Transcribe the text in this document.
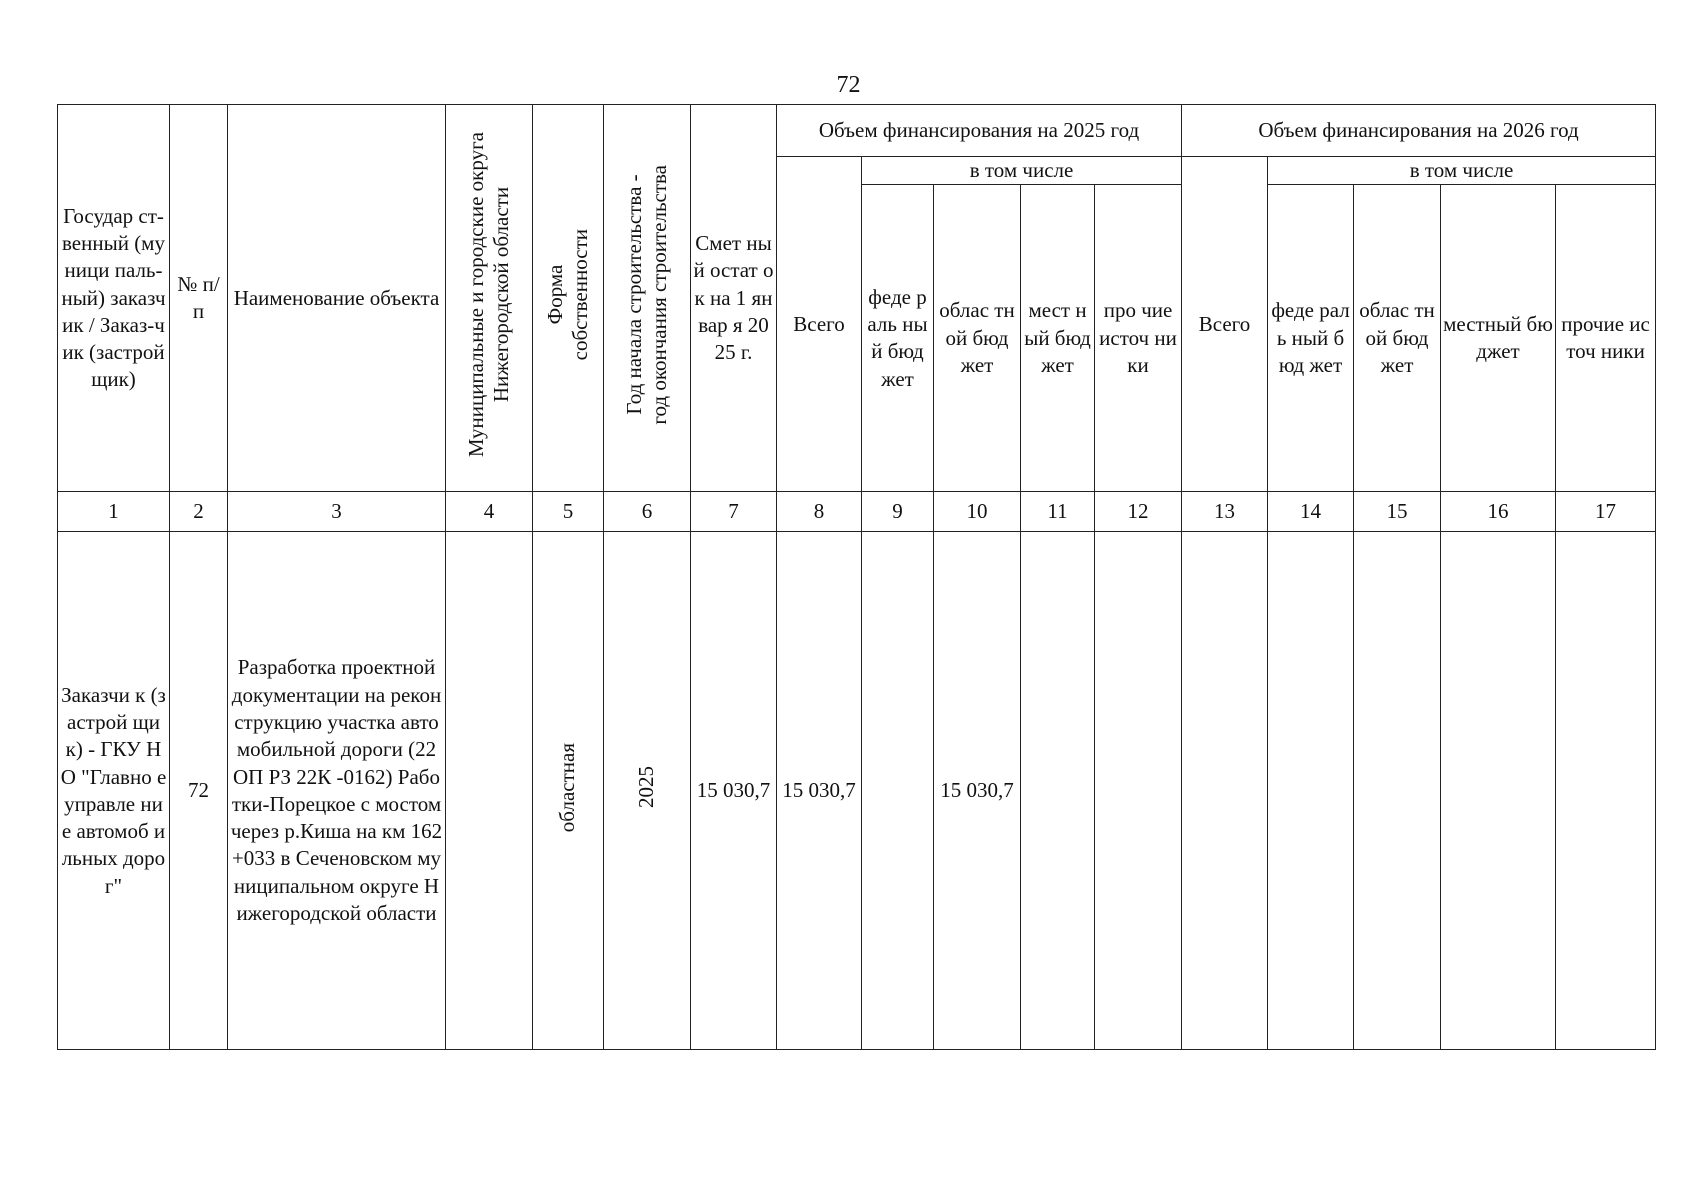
72
Государ ст-венный (муници паль-ный) заказчик / Заказ-чик (застрой щик)	№ п/п	Наименование объекта	Муниципальные и городские округа Нижегородской области	Форма собственности	Год начала строительства - год окончания строительства	Смет ный остат ок на 1 январ я 2025 г.	Объем финансирования на 2025 год					Объем финансирования на 2026 год				
							Всего	в том числе				Всего	в том числе			
								феде раль ный бюд жет	облас тной бюд жет	мест ный бюд жет	про чие источ ники		феде раль ный бюд жет	облас тной бюд жет	местный бюджет	прочие источ ники
1	2	3	4	5	6	7	8	9	10	11	12	13	14	15	16	17
Заказчи к (застрой щик) - ГКУ НО "Главно е управле ние автомоб ильных дорог"	72	Разработка проектной документации на реконструкцию участка автомобильной дороги (22 ОП РЗ 22К -0162) Работки-Порецкое с мостом через р.Киша на км 162+033 в Сеченовском муниципальном округе Нижегородской области		областная	2025	15 030,7	15 030,7		15 030,7							
